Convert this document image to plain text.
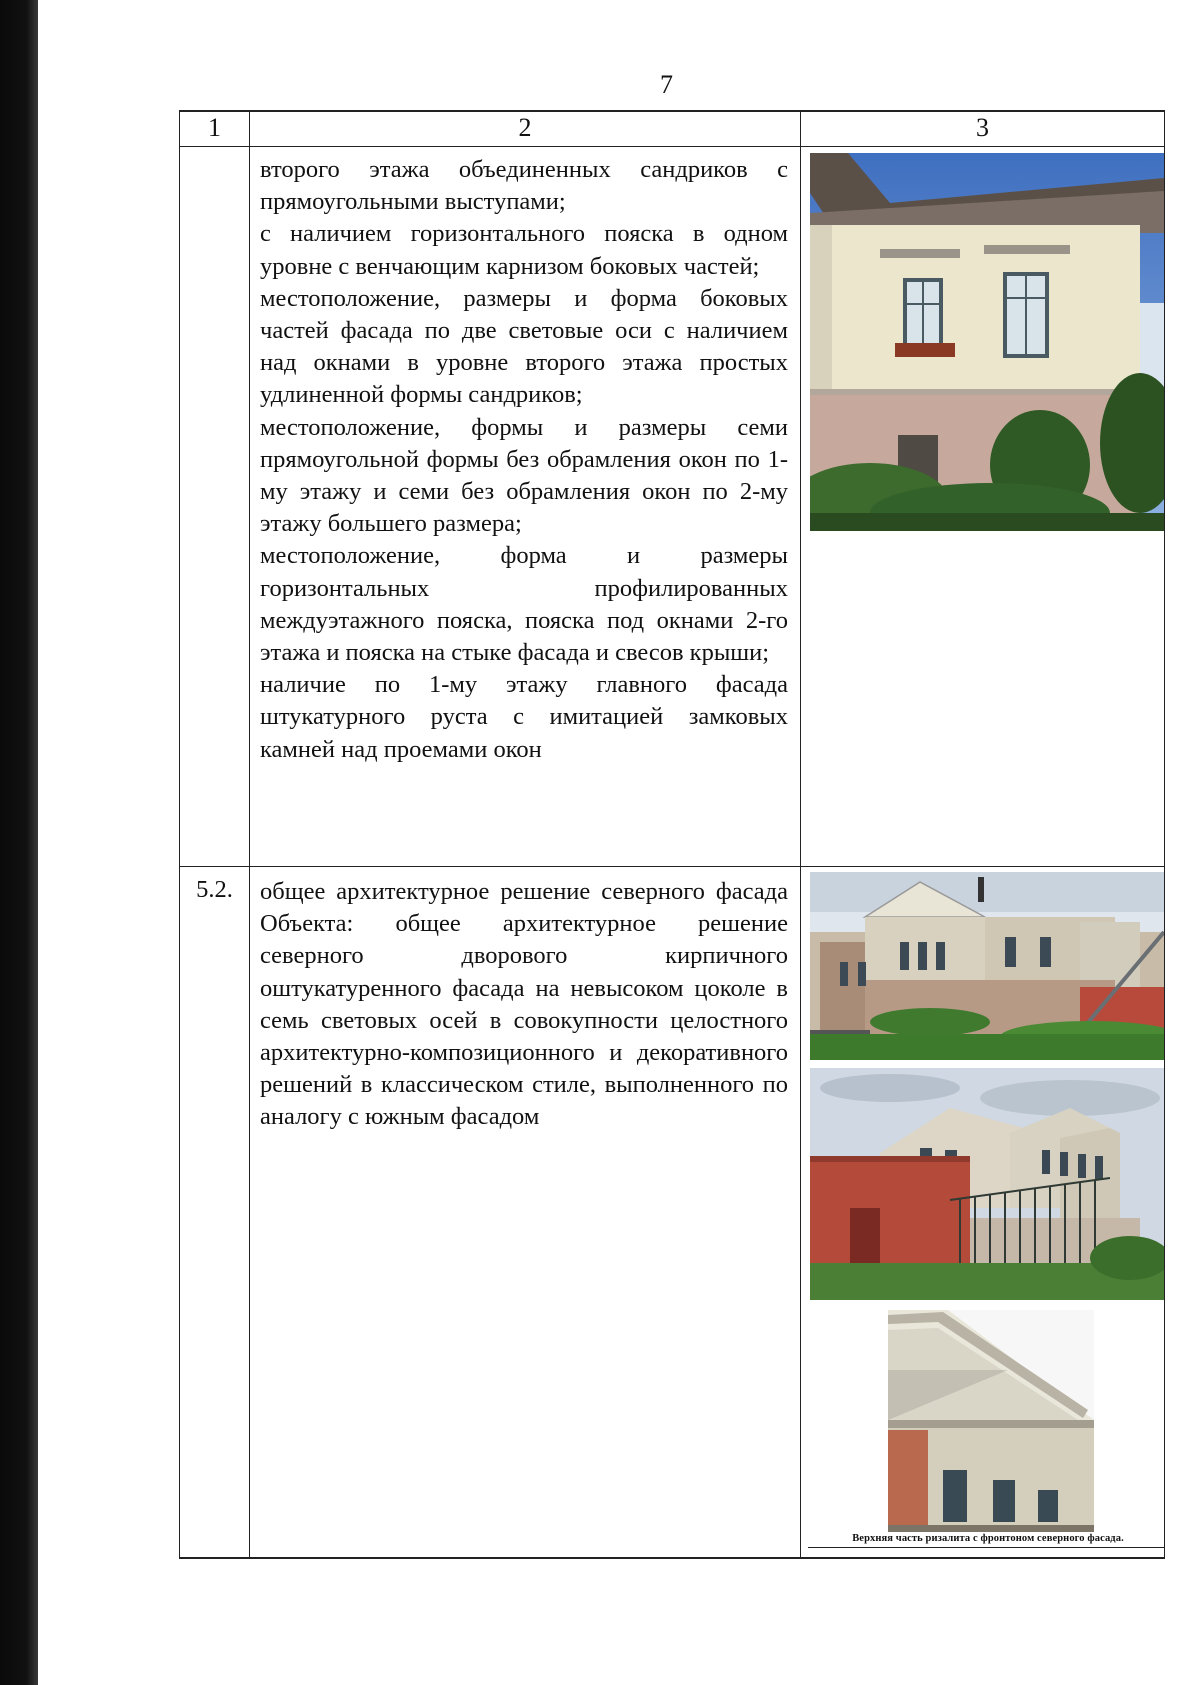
7
1	2	3

второго этажа объединенных сандриков с прямоугольными выступами;

с наличием горизонтального пояска в одном уровне с венчающим карнизом боковых частей;

местоположение, размеры и форма боковых частей фасада по две световые оси с наличием над окнами в уровне второго этажа простых удлиненной формы сандриков;

местоположение, формы и размеры семи прямоугольной формы без обрамления окон по 1-му этажу и семи без обрамления окон по 2-му этажу большего размера;

местоположение, форма и размеры горизонтальных профилированных междуэтажного пояска, пояска под окнами 2-го этажа и пояска на стыке фасада и свесов крыши;

наличие по 1-му этажу главного фасада штукатурного руста с имитацией замковых камней над проемами окон

5.2.	общее архитектурное решение северного фасада Объекта: общее архитектурное решение северного дворового кирпичного оштукатуренного фасада на невысоком цоколе в семь световых осей в совокупности целостного архитектурно-композиционного и декоративного решений в классическом стиле, выполненного по аналогу с южным фасадом

Верхняя часть ризалита с фронтоном северного фасада.
